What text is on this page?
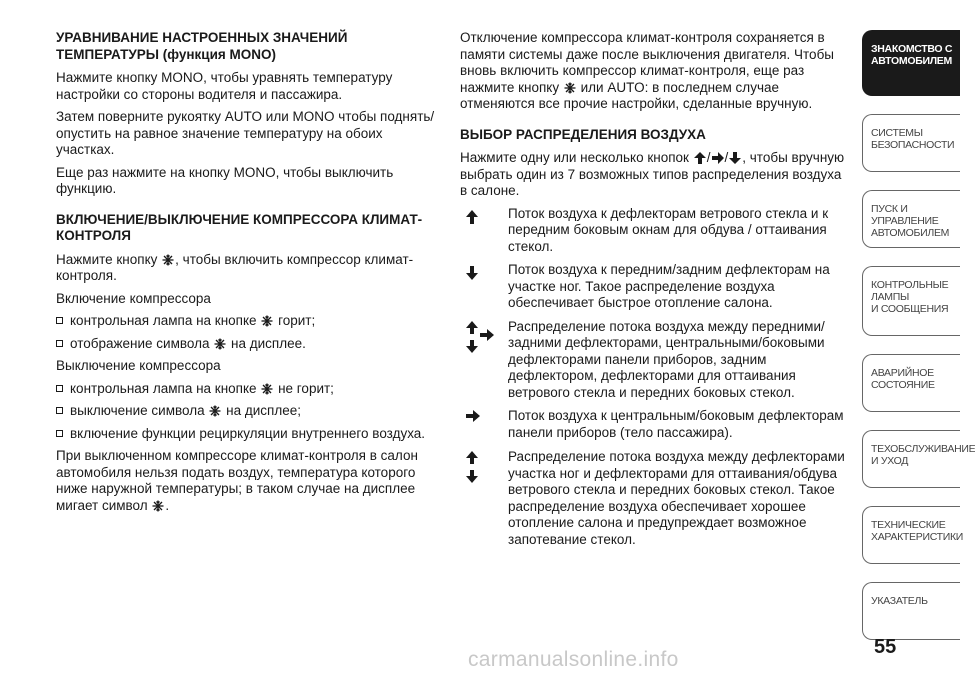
УРАВНИВАНИЕ НАСТРОЕННЫХ ЗНАЧЕНИЙ ТЕМПЕРАТУРЫ (функция MONO)

Нажмите кнопку MONO, чтобы уравнять температуру настройки со стороны водителя и пассажира.

Затем поверните рукоятку AUTO или MONO чтобы поднять/опустить на равное значение температуру на обоих участках.

Еще раз нажмите на кнопку MONO, чтобы выключить функцию.

ВКЛЮЧЕНИЕ/ВЫКЛЮЧЕНИЕ КОМПРЕССОРА КЛИМАТ-КОНТРОЛЯ

Нажмите кнопку , чтобы включить компрессор климат-контроля.

Включение компрессора

контрольная лампа на кнопке горит;
отображение символа на дисплее.

Выключение компрессора

контрольная лампа на кнопке не горит;
выключение символа на дисплее;
включение функции рециркуляции внутреннего воздуха.

При выключенном компрессоре климат-контроля в салон автомобиля нельзя подать воздух, температура которого ниже наружной температуры; в таком случае на дисплее мигает символ .

Отключение компрессора климат-контроля сохраняется в памяти системы даже после выключения двигателя. Чтобы вновь включить компрессор климат-контроля, еще раз нажмите кнопку или AUTO: в последнем случае отменяются все прочие настройки, сделанные вручную.

ВЫБОР РАСПРЕДЕЛЕНИЯ ВОЗДУХА

Нажмите одну или несколько кнопок / / , чтобы вручную выбрать один из 7 возможных типов распределения воздуха в салоне.

Поток воздуха к дефлекторам ветрового стекла и к передним боковым окнам для обдува / оттаивания стекол.
Поток воздуха к передним/задним дефлекторам на участке ног. Такое распределение воздуха обеспечивает быстрое отопление салона.
Распределение потока воздуха между передними/задними дефлекторами, центральными/боковыми дефлекторами панели приборов, задним дефлектором, дефлекторами для оттаивания ветрового стекла и передних боковых стекол.
Поток воздуха к центральным/боковым дефлекторам панели приборов (тело пассажира).
Распределение потока воздуха между дефлекторами участка ног и дефлекторами для оттаивания/обдува ветрового стекла и передних боковых стекол. Такое распределение воздуха обеспечивает хорошее отопление салона и предупреждает возможное запотевание стекол.
ЗНАКОМСТВО С
АВТОМОБИЛЕМ
СИСТЕМЫ
БЕЗОПАСНОСТИ
ПУСК И УПРАВЛЕНИЕ
АВТОМОБИЛЕМ
КОНТРОЛЬНЫЕ
ЛАМПЫ
И СООБЩЕНИЯ
АВАРИЙНОЕ
СОСТОЯНИЕ
ТЕХОБСЛУЖИВАНИЕ
И УХОД
ТЕХНИЧЕСКИЕ
ХАРАКТЕРИСТИКИ
УКАЗАТЕЛЬ
55
carmanualsonline.info
